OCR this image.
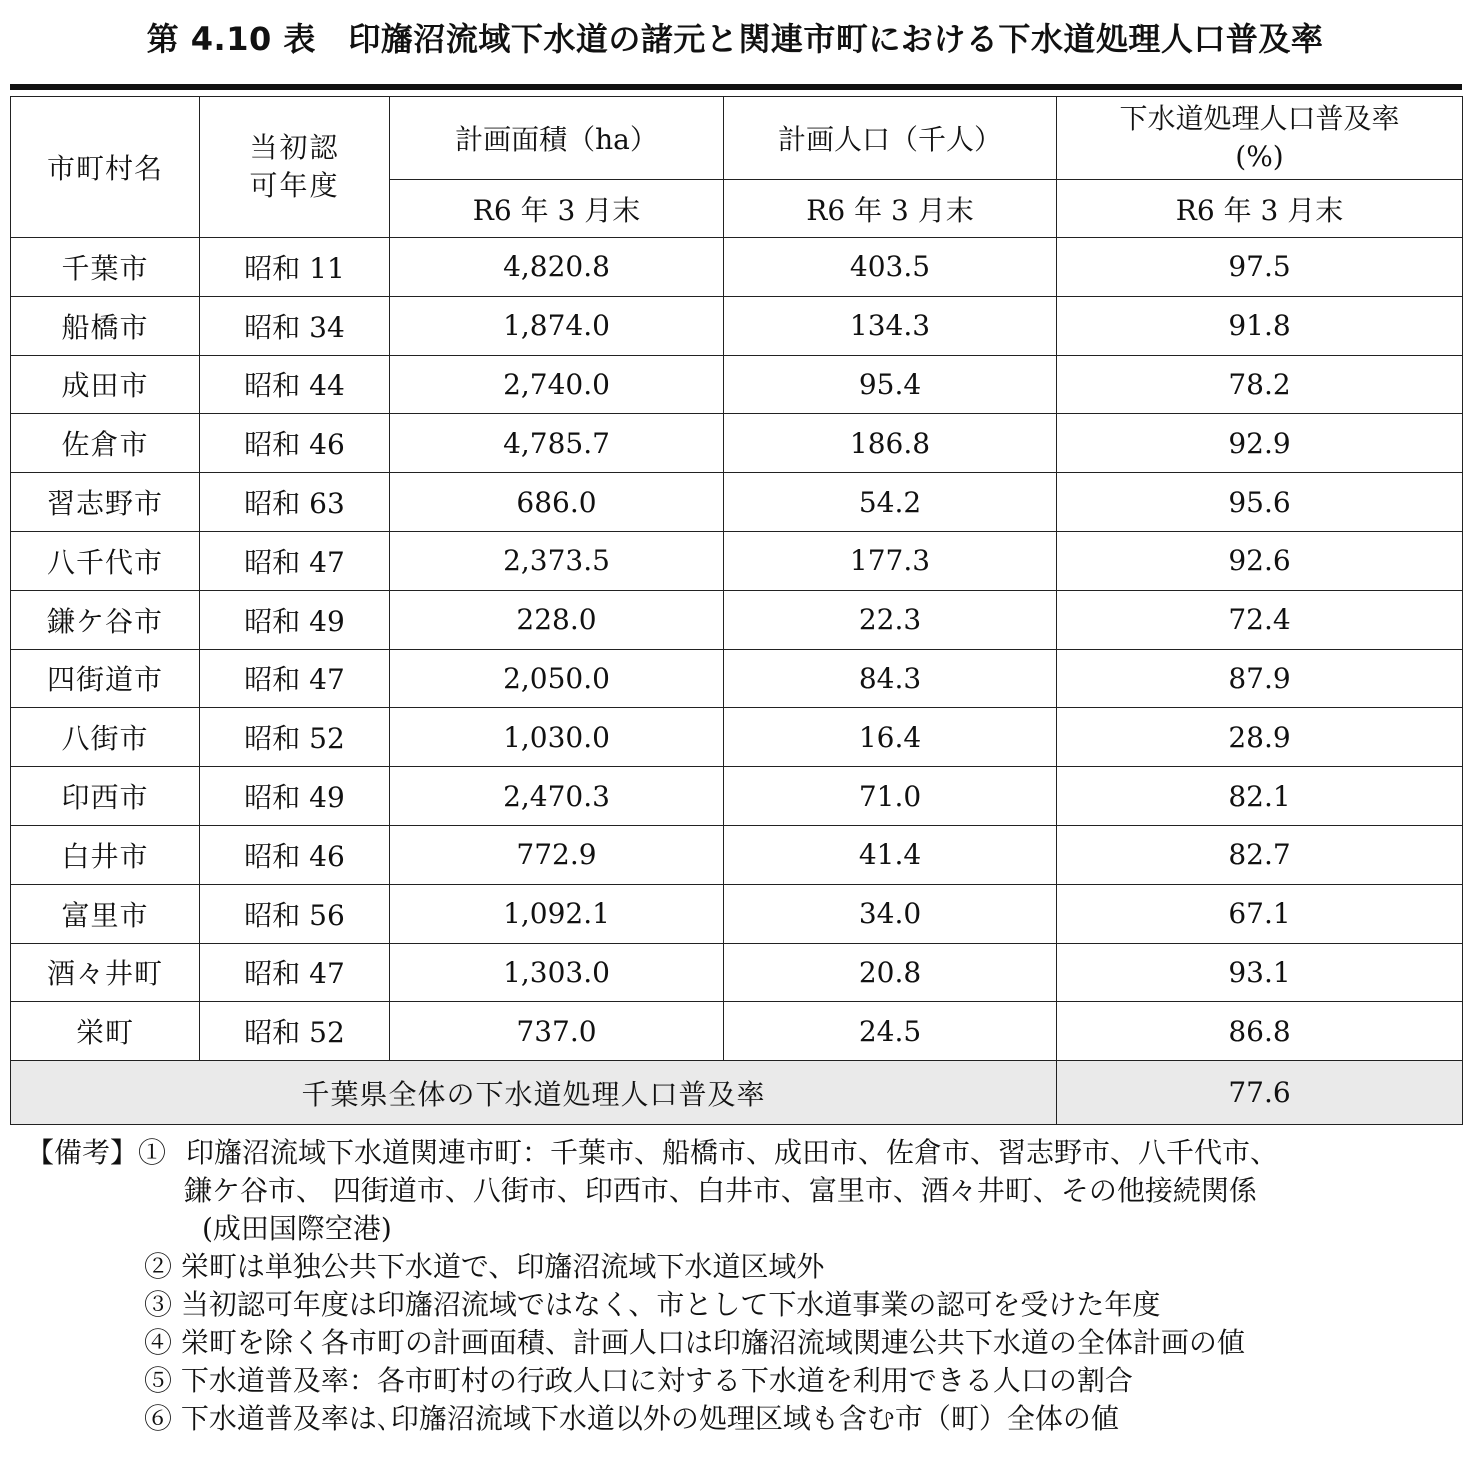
第 4.10 表　印旛沼流域下水道の諸元と関連市町における下水道処理人口普及率
市町村名	当初認可年度	計画面積（ha）	計画人口（千人）	下水道処理人口普及率
(%)

		R6 年 3 月末	R6 年 3 月末	R6 年 3 月末
千葉市	昭和 11	4,820.8	403.5	97.5
船橋市	昭和 34	1,874.0	134.3	91.8
成田市	昭和 44	2,740.0	95.4	78.2
佐倉市	昭和 46	4,785.7	186.8	92.9
習志野市	昭和 63	686.0	54.2	95.6
八千代市	昭和 47	2,373.5	177.3	92.6
鎌ケ谷市	昭和 49	228.0	22.3	72.4
四街道市	昭和 47	2,050.0	84.3	87.9
八街市	昭和 52	1,030.0	16.4	28.9
印西市	昭和 49	2,470.3	71.0	82.1
白井市	昭和 46	772.9	41.4	82.7
富里市	昭和 56	1,092.1	34.0	67.1
酒々井町	昭和 47	1,303.0	20.8	93.1
栄町	昭和 52	737.0	24.5	86.8
千葉県全体の下水道処理人口普及率				77.6
【備考】① 印旛沼流域下水道関連市町：千葉市、船橋市、成田市、佐倉市、習志野市、八千代市、
鎌ケ谷市、 四街道市、八街市、印西市、白井市、富里市、酒々井町、その他接続関係
(成田国際空港)
② 栄町は単独公共下水道で、印旛沼流域下水道区域外
③ 当初認可年度は印旛沼流域ではなく、市として下水道事業の認可を受けた年度
④ 栄町を除く各市町の計画面積、計画人口は印旛沼流域関連公共下水道の全体計画の値
⑤ 下水道普及率：各市町村の行政人口に対する下水道を利用できる人口の割合
⑥ 下水道普及率は､印旛沼流域下水道以外の処理区域も含む市（町）全体の値
